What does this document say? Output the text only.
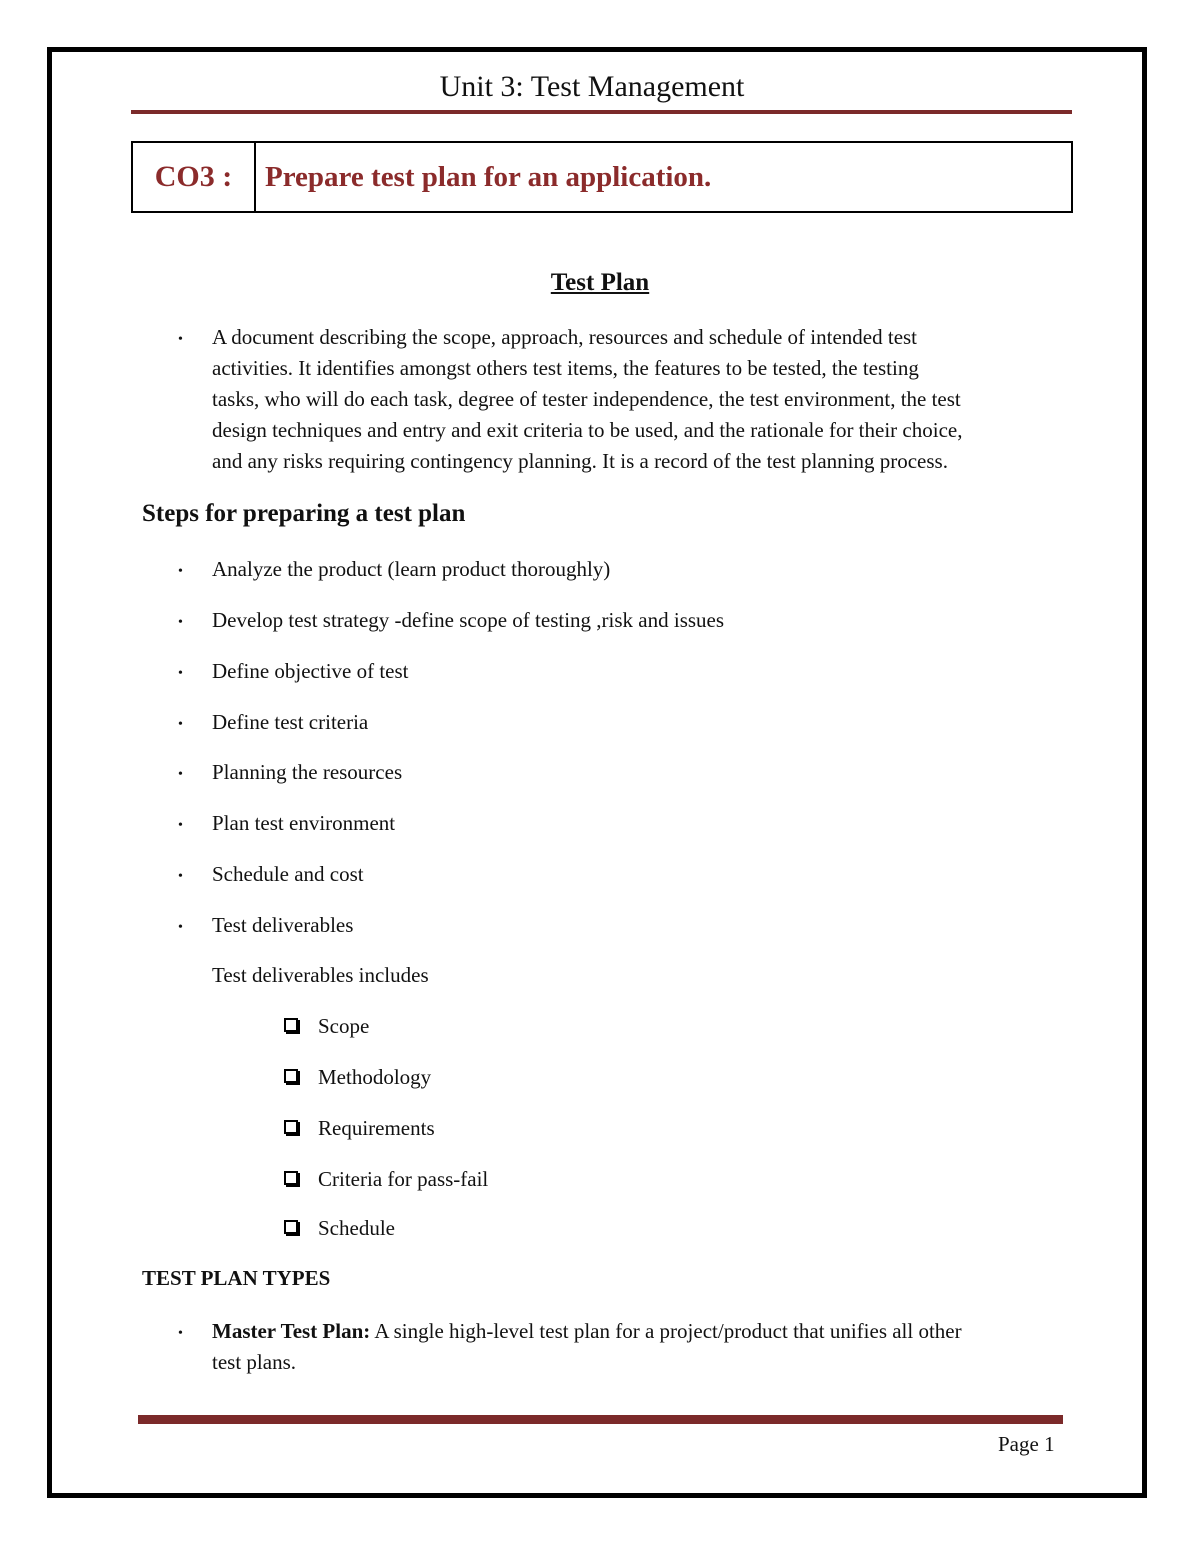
Unit 3: Test Management
CO3 :	Prepare test plan for an application.
Test Plan
• A document describing the scope, approach, resources and schedule of intended test
activities. It identifies amongst others test items, the features to be tested, the testing
tasks, who will do each task, degree of tester independence, the test environment, the test
design techniques and entry and exit criteria to be used, and the rationale for their choice,
and any risks requiring contingency planning. It is a record of the test planning process.
Steps for preparing a test plan
• Analyze the product (learn product thoroughly)
• Develop test strategy -define scope of testing ,risk and issues
• Define objective of test
• Define test criteria
• Planning the resources
• Plan test environment
• Schedule and cost
• Test deliverables
Test deliverables includes
Scope
Methodology
Requirements
Criteria for pass-fail
Schedule
TEST PLAN TYPES
• Master Test Plan: A single high-level test plan for a project/product that unifies all other
test plans.
Page 1
